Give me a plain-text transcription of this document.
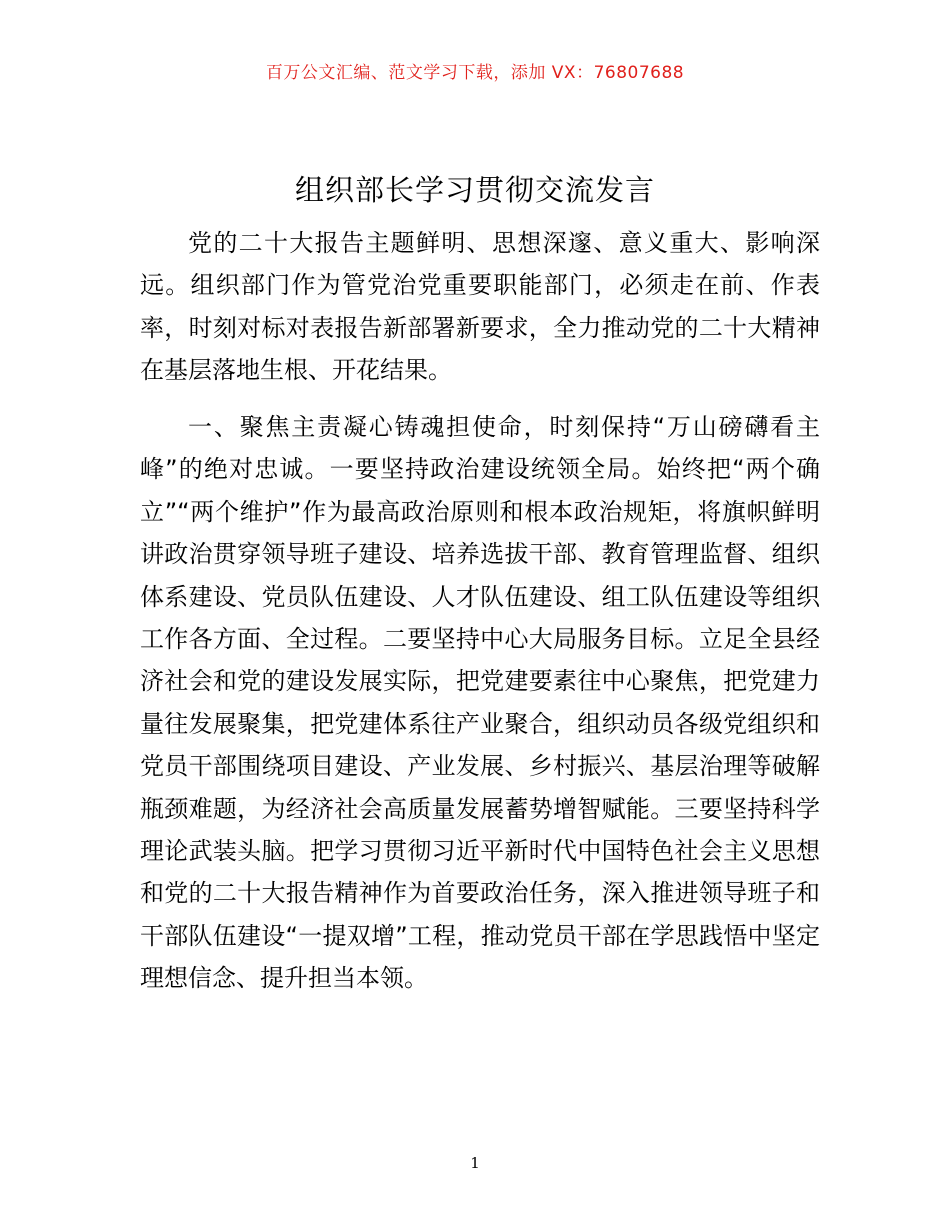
百万公文汇编、范文学习下载，添加 VX：76807688
组织部长学习贯彻交流发言

党的二十大报告主题鲜明、思想深邃、意义重大、影响深远。组织部门作为管党治党重要职能部门，必须走在前、作表率，时刻对标对表报告新部署新要求，全力推动党的二十大精神在基层落地生根、开花结果。

一、聚焦主责凝心铸魂担使命，时刻保持“万山磅礴看主峰”的绝对忠诚。一要坚持政治建设统领全局。始终把“两个确立”“两个维护”作为最高政治原则和根本政治规矩，将旗帜鲜明讲政治贯穿领导班子建设、培养选拔干部、教育管理监督、组织体系建设、党员队伍建设、人才队伍建设、组工队伍建设等组织工作各方面、全过程。二要坚持中心大局服务目标。立足全县经济社会和党的建设发展实际，把党建要素往中心聚焦，把党建力量往发展聚集，把党建体系往产业聚合，组织动员各级党组织和党员干部围绕项目建设、产业发展、乡村振兴、基层治理等破解瓶颈难题，为经济社会高质量发展蓄势增智赋能。三要坚持科学理论武装头脑。把学习贯彻习近平新时代中国特色社会主义思想和党的二十大报告精神作为首要政治任务，深入推进领导班子和干部队伍建设“一提双增”工程，推动党员干部在学思践悟中坚定理想信念、提升担当本领。

1
